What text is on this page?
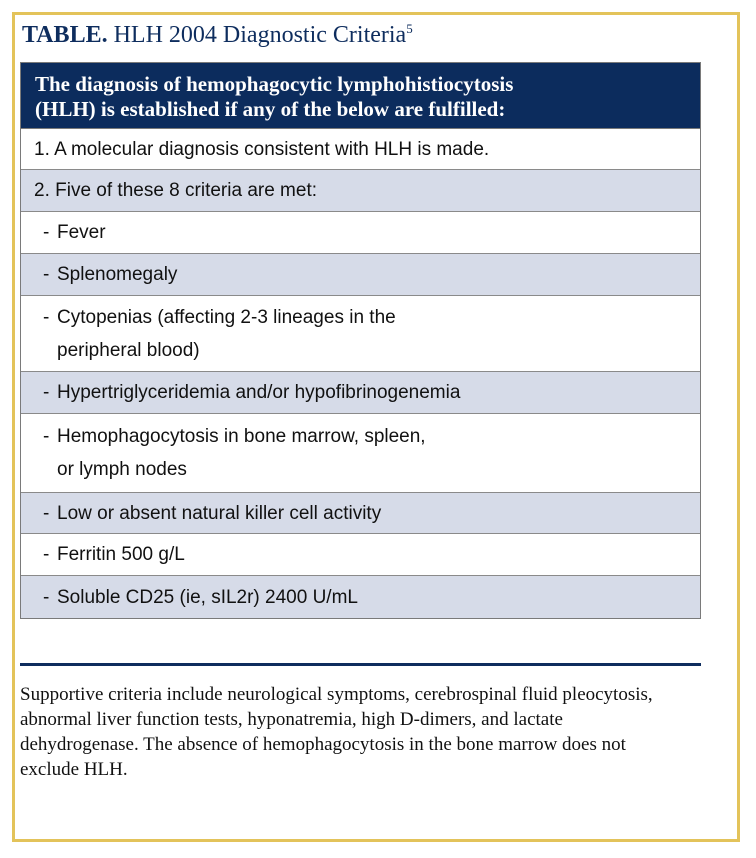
TABLE. HLH 2004 Diagnostic Criteria$^5$
The diagnosis of hemophagocytic lymphohistiocytosis
(HLH) is established if any of the below are fulfilled:
1. A molecular diagnosis consistent with HLH is made.
2. Five of these 8 criteria are met:
- Fever
- Splenomegaly
- Cytopenias (affecting 2-3 lineages in the
peripheral blood)
- Hypertriglyceridemia and/or hypofibrinogenemia
- Hemophagocytosis in bone marrow, spleen,
or lymph nodes
- Low or absent natural killer cell activity
- Ferritin 500 g/L
- Soluble CD25 (ie, sIL2r) 2400 U/mL
Supportive criteria include neurological symptoms, cerebrospinal fluid pleocytosis, abnormal liver function tests, hyponatremia, high D-dimers, and lactate dehydrogenase. The absence of hemophagocytosis in the bone marrow does not exclude HLH.
